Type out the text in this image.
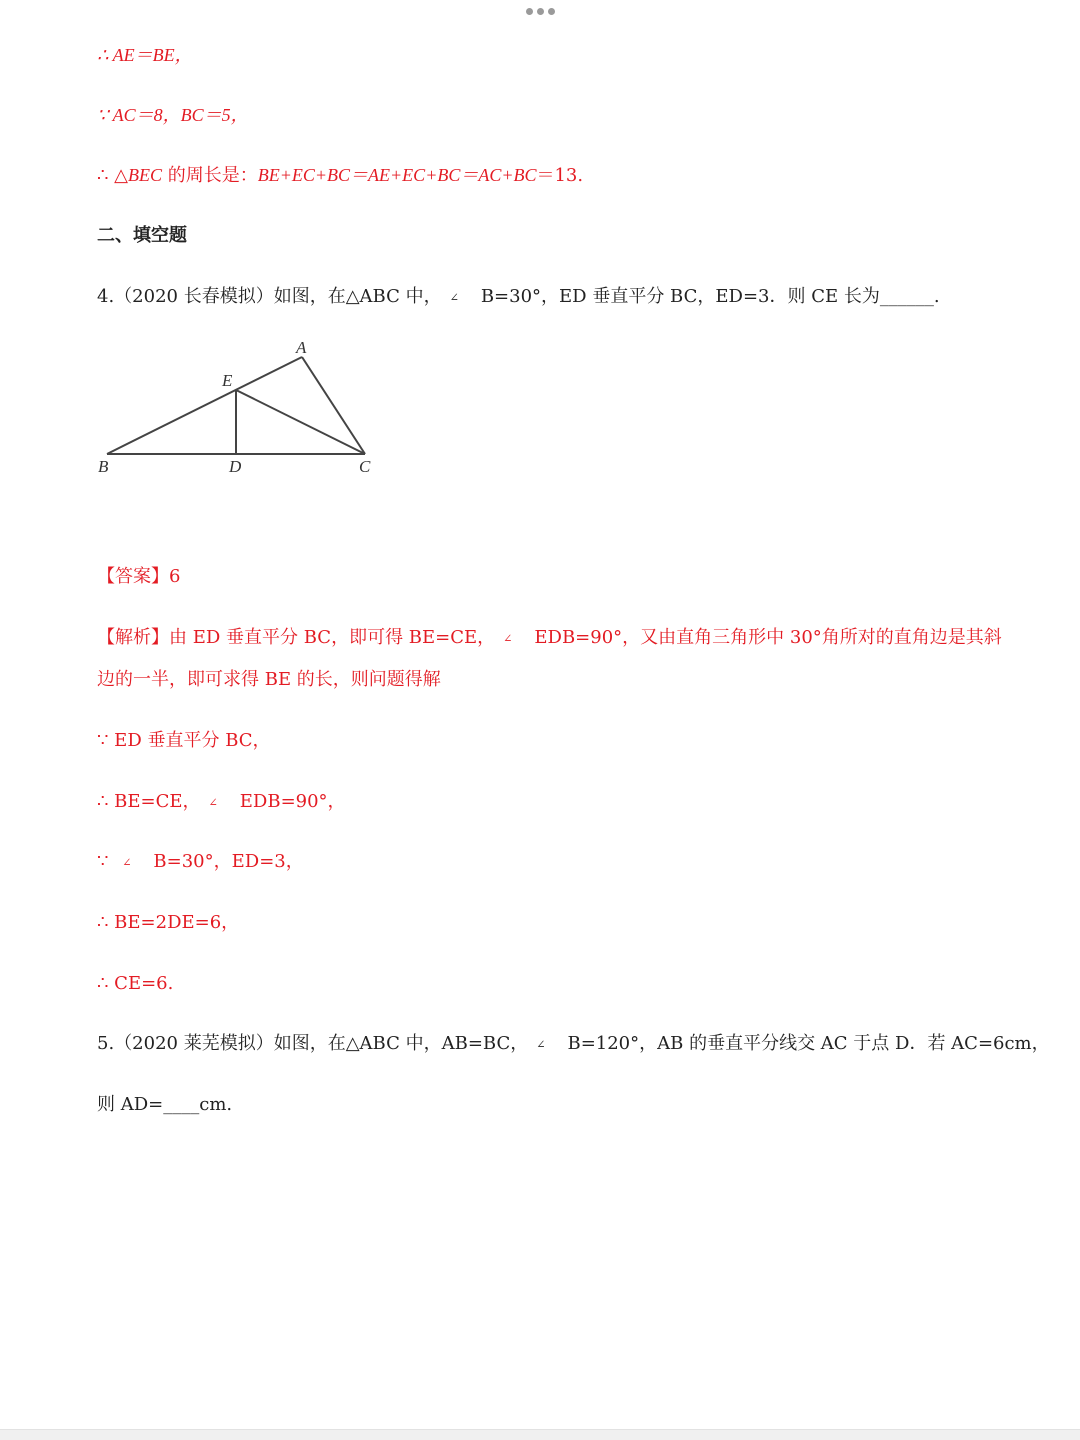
∴ AE＝BE，
∵ AC＝8，BC＝5，
∴ △BEC 的周长是：BE+EC+BC＝AE+EC+BC＝AC+BC＝13.
二、填空题
4.（2020 长春模拟）如图，在△ABC 中， ∠ B=30°，ED 垂直平分 BC，ED=3．则 CE 长为______.
A
E
B	D	C
【答案】6
【解析】由 ED 垂直平分 BC，即可得 BE=CE， ∠ EDB=90°，又由直角三角形中 30°角所对的直角边是其斜
边的一半，即可求得 BE 的长，则问题得解
∵ ED 垂直平分 BC，
∴ BE=CE， ∠ EDB=90°，
∵ ∠ B=30°，ED=3，
∴ BE=2DE=6，
∴ CE=6.
5.（2020 莱芜模拟）如图，在△ABC 中，AB=BC， ∠ B=120°，AB 的垂直平分线交 AC 于点 D．若 AC=6cm，
则 AD=____cm.
